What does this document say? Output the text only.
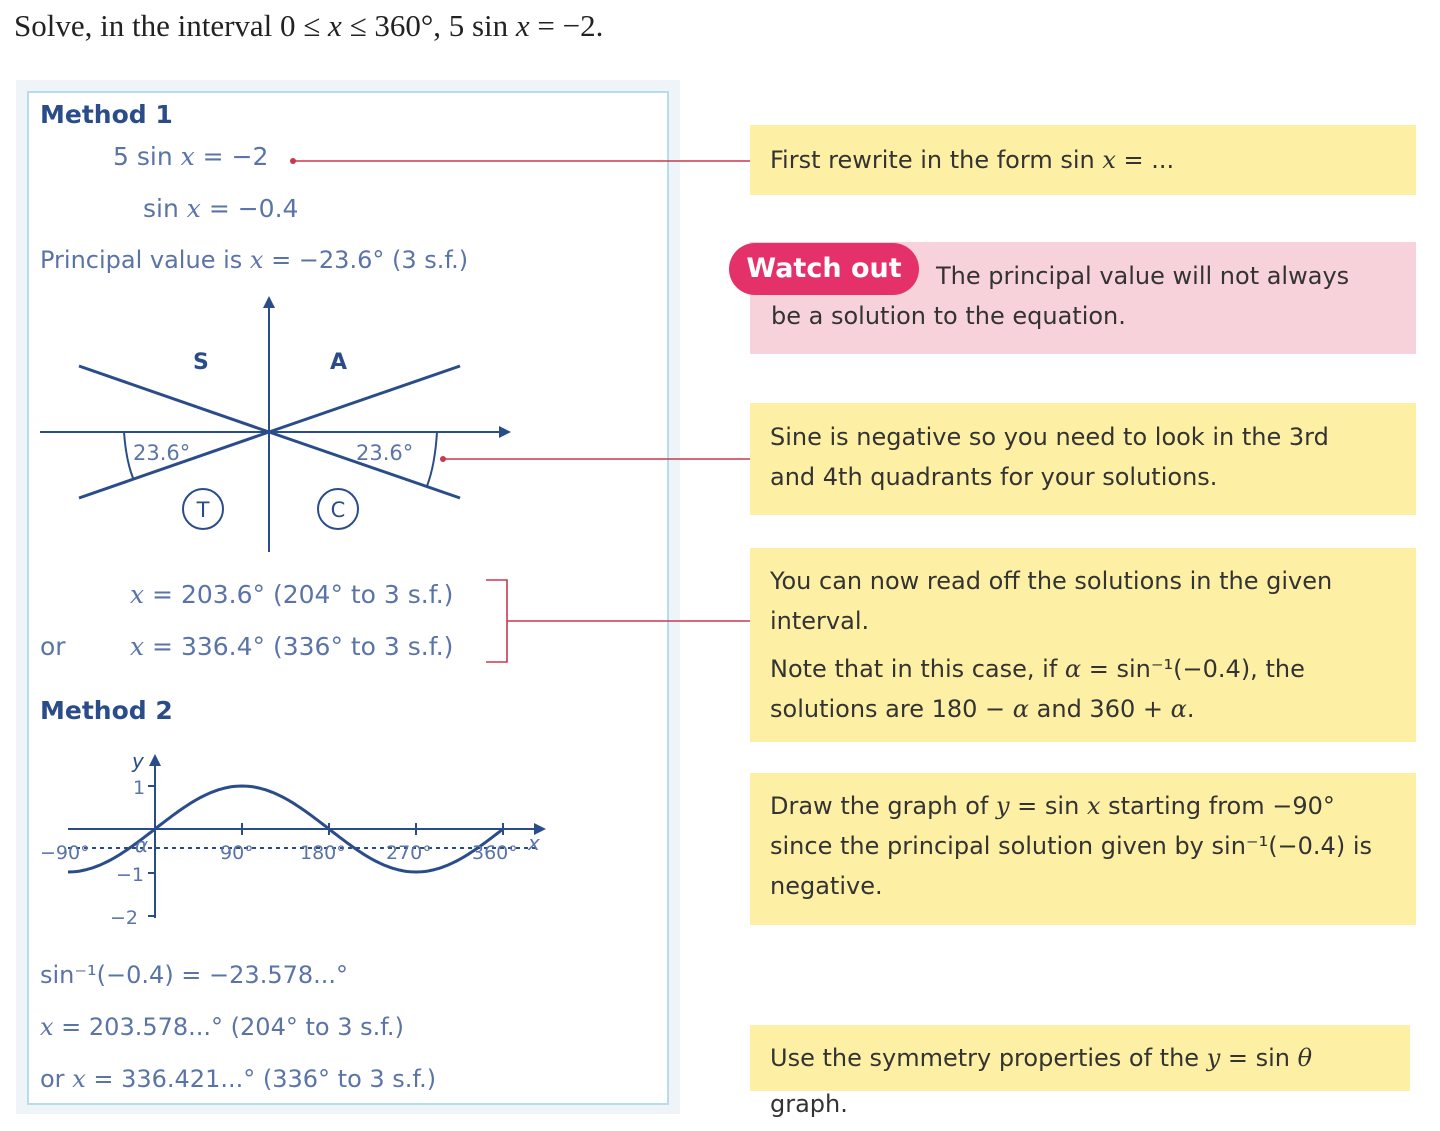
Solve, in the interval 0 ≤ x ≤ 360°, 5 sin x = −2.
Method 1
5 sin x = −2
sin x = −0.4
Principal value is x = −23.6° (3 s.f.)
x = 203.6° (204° to 3 s.f.)
or	x = 336.4° (336° to 3 s.f.)
Method 2
sin⁻¹(−0.4) = −23.578...°
x = 203.578...° (204° to 3 s.f.)
or x = 336.421...° (336° to 3 s.f.)

First rewrite in the form sin x = ...

The principal value will not always
be a solution to the equation.
Watch out

Sine is negative so you need to look in the 3rd

and 4th quadrants for your solutions.

You can now read off the solutions in the given

interval.

Note that in this case, if α = sin⁻¹(−0.4), the

solutions are 180 − α and 360 + α.

Draw the graph of y = sin x starting from −90°

since the principal solution given by sin⁻¹(−0.4) is

negative.

Use the symmetry properties of the y = sin θ graph.

S	A
T	C
23.6°	23.6°
y
x
1
−1
−2
−90°	90° 180° 270° 360°
α
